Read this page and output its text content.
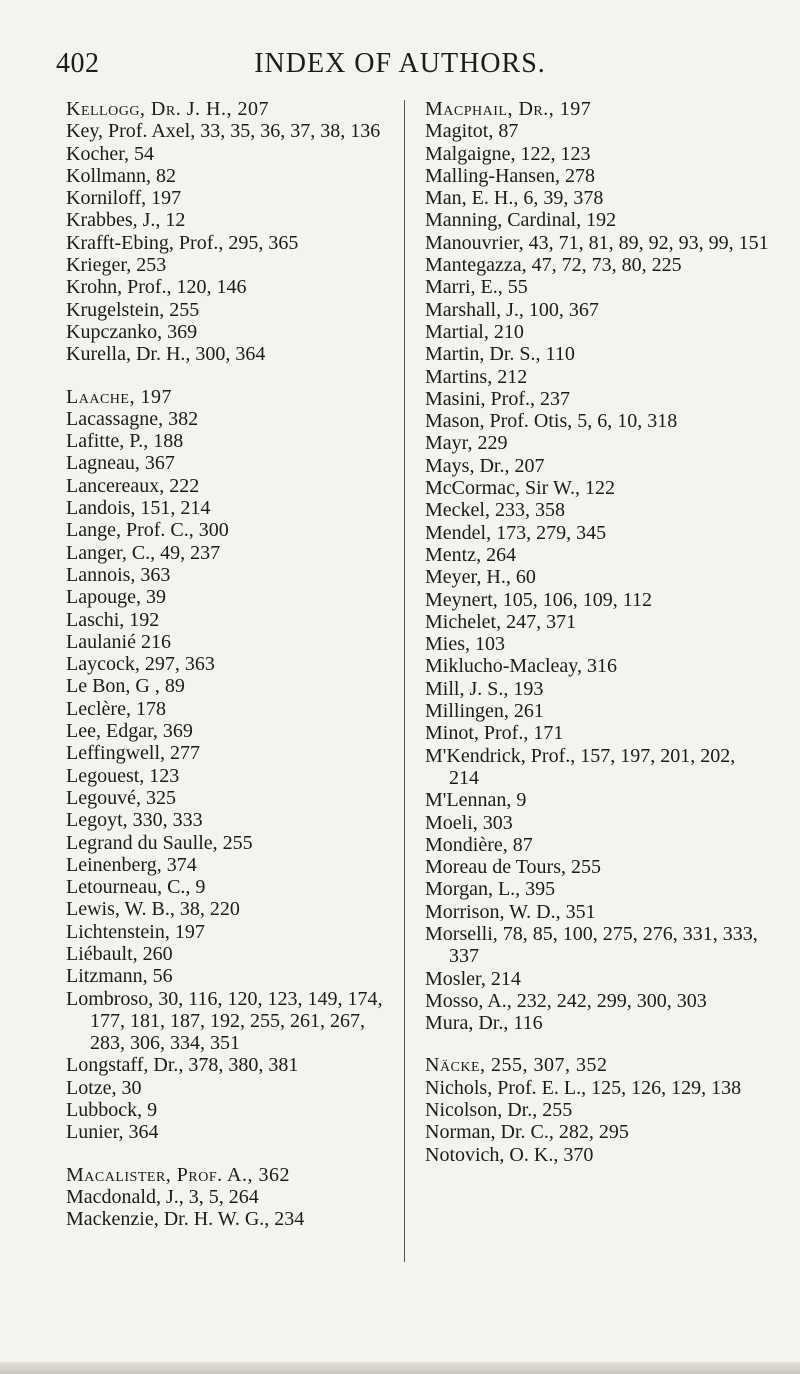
402	INDEX OF AUTHORS.

Kellogg, Dr. J. H., 207

Key, Prof. Axel, 33, 35, 36, 37, 38, 136

Kocher, 54

Kollmann, 82

Korniloff, 197

Krabbes, J., 12

Krafft-Ebing, Prof., 295, 365

Krieger, 253

Krohn, Prof., 120, 146

Krugelstein, 255

Kupczanko, 369

Kurella, Dr. H., 300, 364

Laache, 197

Lacassagne, 382

Lafitte, P., 188

Lagneau, 367

Lancereaux, 222

Landois, 151, 214

Lange, Prof. C., 300

Langer, C., 49, 237

Lannois, 363

Lapouge, 39

Laschi, 192

Laulanié 216

Laycock, 297, 363

Le Bon, G , 89

Leclère, 178

Lee, Edgar, 369

Leffingwell, 277

Legouest, 123

Legouvé, 325

Legoyt, 330, 333

Legrand du Saulle, 255

Leinenberg, 374

Letourneau, C., 9

Lewis, W. B., 38, 220

Lichtenstein, 197

Liébault, 260

Litzmann, 56

Lombroso, 30, 116, 120, 123, 149, 174, 177, 181, 187, 192, 255, 261, 267, 283, 306, 334, 351

Longstaff, Dr., 378, 380, 381

Lotze, 30

Lubbock, 9

Lunier, 364

Macalister, Prof. A., 362

Macdonald, J., 3, 5, 264

Mackenzie, Dr. H. W. G., 234

Macphail, Dr., 197

Magitot, 87

Malgaigne, 122, 123

Malling-Hansen, 278

Man, E. H., 6, 39, 378

Manning, Cardinal, 192

Manouvrier, 43, 71, 81, 89, 92, 93, 99, 151

Mantegazza, 47, 72, 73, 80, 225

Marri, E., 55

Marshall, J., 100, 367

Martial, 210

Martin, Dr. S., 110

Martins, 212

Masini, Prof., 237

Mason, Prof. Otis, 5, 6, 10, 318

Mayr, 229

Mays, Dr., 207

McCormac, Sir W., 122

Meckel, 233, 358

Mendel, 173, 279, 345

Mentz, 264

Meyer, H., 60

Meynert, 105, 106, 109, 112

Michelet, 247, 371

Mies, 103

Miklucho-Macleay, 316

Mill, J. S., 193

Millingen, 261

Minot, Prof., 171

M'Kendrick, Prof., 157, 197, 201, 202, 214

M'Lennan, 9

Moeli, 303

Mondière, 87

Moreau de Tours, 255

Morgan, L., 395

Morrison, W. D., 351

Morselli, 78, 85, 100, 275, 276, 331, 333, 337

Mosler, 214

Mosso, A., 232, 242, 299, 300, 303

Mura, Dr., 116

Näcke, 255, 307, 352

Nichols, Prof. E. L., 125, 126, 129, 138

Nicolson, Dr., 255

Norman, Dr. C., 282, 295

Notovich, O. K., 370
